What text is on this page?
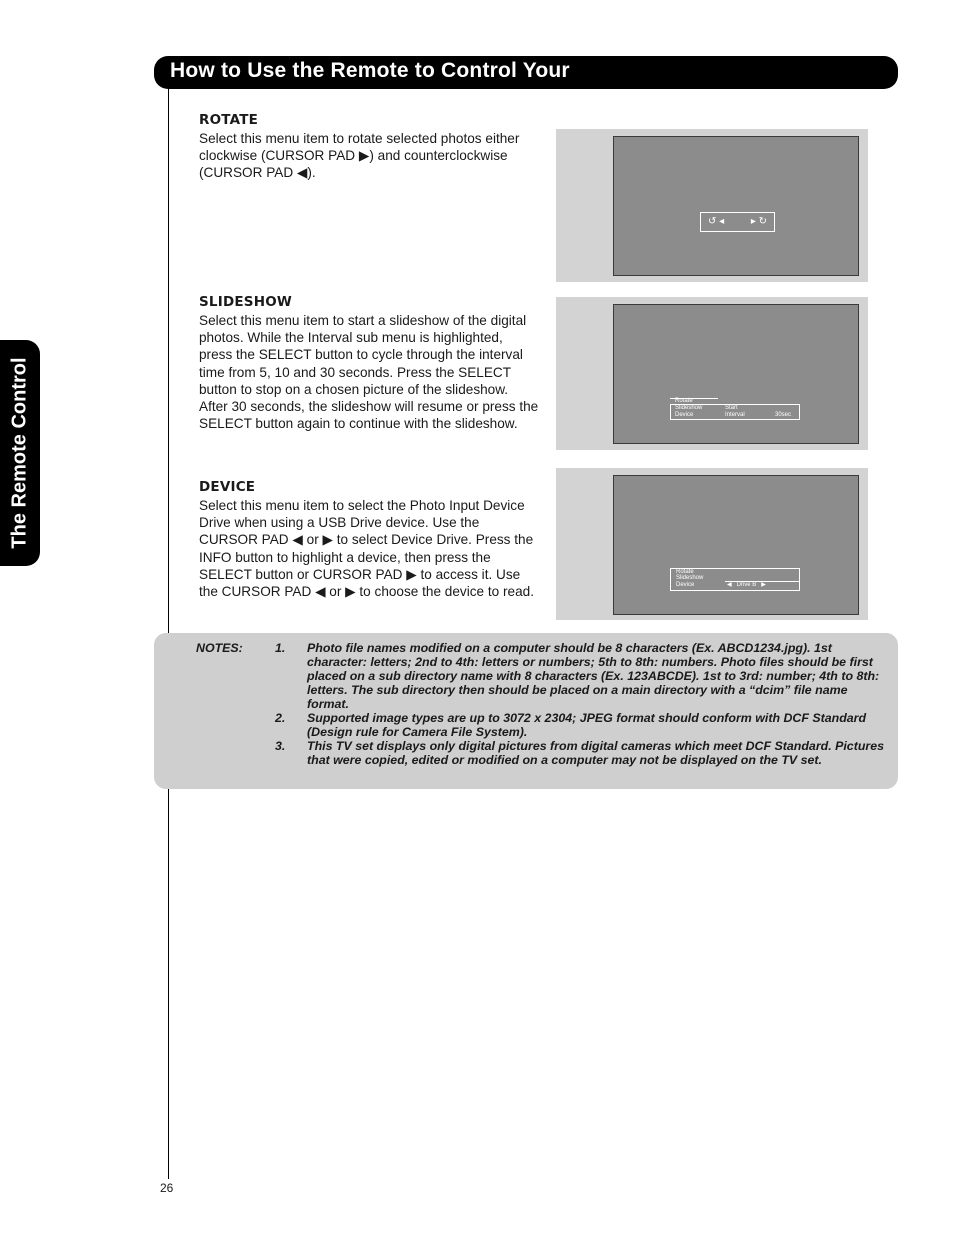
How to Use the Remote to Control Your
The Remote Control
ROTATE

Select this menu item to rotate selected photos either clockwise (CURSOR PAD ▶) and counterclockwise (CURSOR PAD ◀).

SLIDESHOW

Select this menu item to start a slideshow of the digital photos. While the Interval sub menu is highlighted, press the SELECT button to cycle through the interval time from 5, 10 and 30 seconds. Press the SELECT button to stop on a chosen picture of the slideshow. After 30 seconds, the slideshow will resume or press the SELECT button again to continue with the slideshow.

DEVICE

Select this menu item to select the Photo Input Device Drive when using a USB Drive device. Use the CURSOR PAD ◀ or ▶ to select Device Drive. Press the INFO button to highlight a device, then press the SELECT button or CURSOR PAD ▶ to access it. Use the CURSOR PAD ◀ or ▶ to choose the device to read.

↺ ◂	▸ ↻
Rotate
Slideshow
Device
Start
Interval	30sec
Rotate
Slideshow
Device	◀   Drive B   ▶
NOTES:	1. Photo file names modified on a computer should be 8 characters (Ex. ABCD1234.jpg). 1st character: letters; 2nd to 4th: letters or numbers; 5th to 8th: numbers. Photo files should be first placed on a sub directory name with 8 characters (Ex. 123ABCDE). 1st to 3rd: number; 4th to 8th: letters. The sub directory then should be placed on a main directory with a “dcim” file name format.
2. Supported image types are up to 3072 x 2304; JPEG format should conform with DCF Standard (Design rule for Camera File System).
3. This TV set displays only digital pictures from digital cameras which meet DCF Standard. Pictures that were copied, edited or modified on a computer may not be displayed on the TV set.
26
